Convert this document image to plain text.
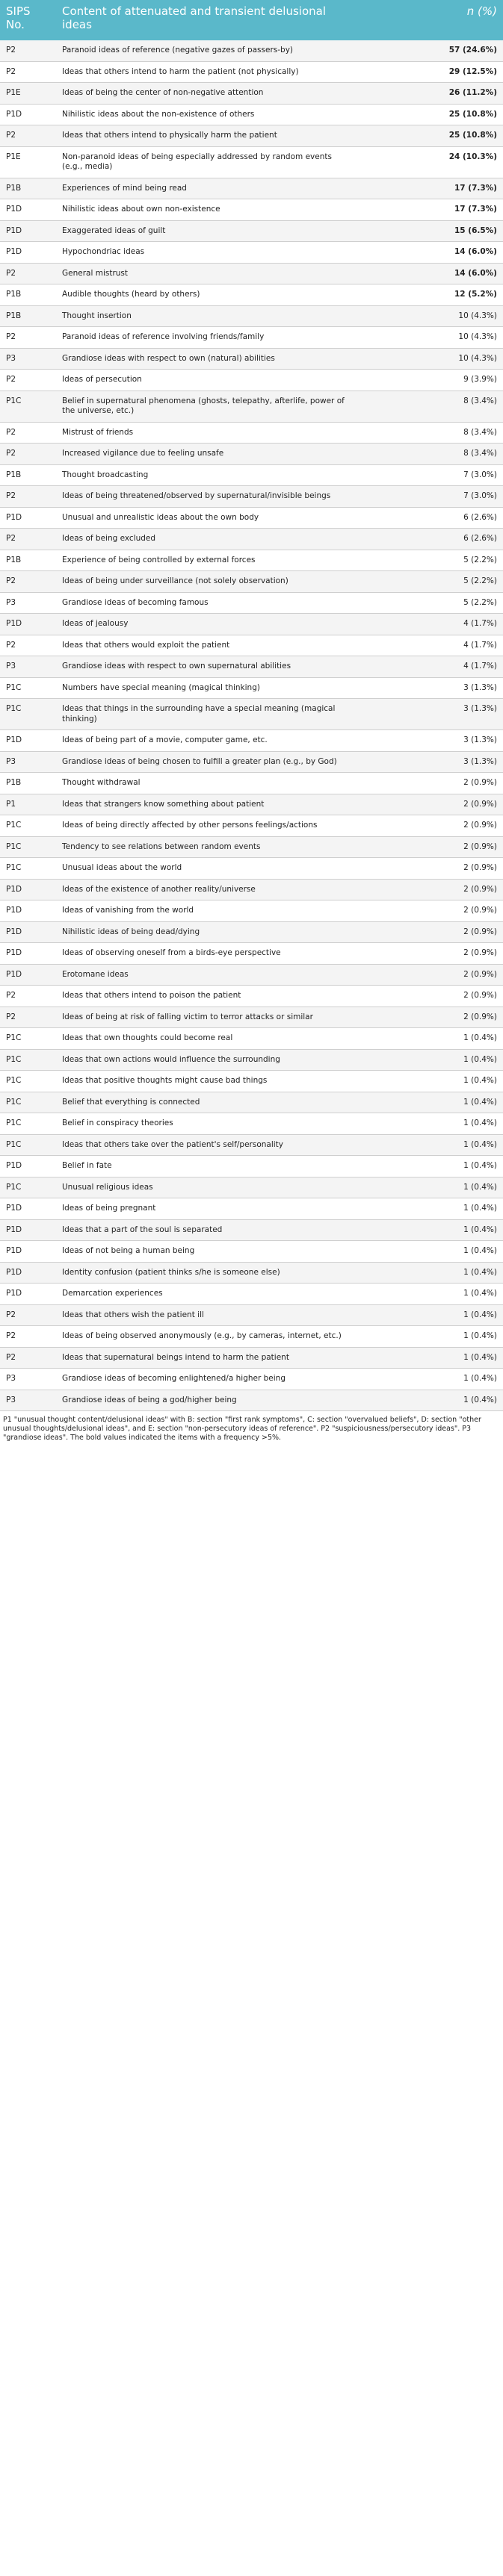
SIPS No.	Content of attenuated and transient delusional ideas	n (%)
P2	Paranoid ideas of reference (negative gazes of passers-by)	57 (24.6%)
P2	Ideas that others intend to harm the patient (not physically)	29 (12.5%)
P1E	Ideas of being the center of non-negative attention	26 (11.2%)
P1D	Nihilistic ideas about the non-existence of others	25 (10.8%)
P2	Ideas that others intend to physically harm the patient	25 (10.8%)
P1E	Non-paranoid ideas of being especially addressed by random events (e.g., media)	24 (10.3%)
P1B	Experiences of mind being read	17 (7.3%)
P1D	Nihilistic ideas about own non-existence	17 (7.3%)
P1D	Exaggerated ideas of guilt	15 (6.5%)
P1D	Hypochondriac ideas	14 (6.0%)
P2	General mistrust	14 (6.0%)
P1B	Audible thoughts (heard by others)	12 (5.2%)
P1B	Thought insertion	10 (4.3%)
P2	Paranoid ideas of reference involving friends/family	10 (4.3%)
P3	Grandiose ideas with respect to own (natural) abilities	10 (4.3%)
P2	Ideas of persecution	9 (3.9%)
P1C	Belief in supernatural phenomena (ghosts, telepathy, afterlife, power of the universe, etc.)	8 (3.4%)
P2	Mistrust of friends	8 (3.4%)
P2	Increased vigilance due to feeling unsafe	8 (3.4%)
P1B	Thought broadcasting	7 (3.0%)
P2	Ideas of being threatened/observed by supernatural/invisible beings	7 (3.0%)
P1D	Unusual and unrealistic ideas about the own body	6 (2.6%)
P2	Ideas of being excluded	6 (2.6%)
P1B	Experience of being controlled by external forces	5 (2.2%)
P2	Ideas of being under surveillance (not solely observation)	5 (2.2%)
P3	Grandiose ideas of becoming famous	5 (2.2%)
P1D	Ideas of jealousy	4 (1.7%)
P2	Ideas that others would exploit the patient	4 (1.7%)
P3	Grandiose ideas with respect to own supernatural abilities	4 (1.7%)
P1C	Numbers have special meaning (magical thinking)	3 (1.3%)
P1C	Ideas that things in the surrounding have a special meaning (magical thinking)	3 (1.3%)
P1D	Ideas of being part of a movie, computer game, etc.	3 (1.3%)
P3	Grandiose ideas of being chosen to fulfill a greater plan (e.g., by God)	3 (1.3%)
P1B	Thought withdrawal	2 (0.9%)
P1	Ideas that strangers know something about patient	2 (0.9%)
P1C	Ideas of being directly affected by other persons feelings/actions	2 (0.9%)
P1C	Tendency to see relations between random events	2 (0.9%)
P1C	Unusual ideas about the world	2 (0.9%)
P1D	Ideas of the existence of another reality/universe	2 (0.9%)
P1D	Ideas of vanishing from the world	2 (0.9%)
P1D	Nihilistic ideas of being dead/dying	2 (0.9%)
P1D	Ideas of observing oneself from a birds-eye perspective	2 (0.9%)
P1D	Erotomane ideas	2 (0.9%)
P2	Ideas that others intend to poison the patient	2 (0.9%)
P2	Ideas of being at risk of falling victim to terror attacks or similar	2 (0.9%)
P1C	Ideas that own thoughts could become real	1 (0.4%)
P1C	Ideas that own actions would influence the surrounding	1 (0.4%)
P1C	Ideas that positive thoughts might cause bad things	1 (0.4%)
P1C	Belief that everything is connected	1 (0.4%)
P1C	Belief in conspiracy theories	1 (0.4%)
P1C	Ideas that others take over the patient's self/personality	1 (0.4%)
P1D	Belief in fate	1 (0.4%)
P1C	Unusual religious ideas	1 (0.4%)
P1D	Ideas of being pregnant	1 (0.4%)
P1D	Ideas that a part of the soul is separated	1 (0.4%)
P1D	Ideas of not being a human being	1 (0.4%)
P1D	Identity confusion (patient thinks s/he is someone else)	1 (0.4%)
P1D	Demarcation experiences	1 (0.4%)
P2	Ideas that others wish the patient ill	1 (0.4%)
P2	Ideas of being observed anonymously (e.g., by cameras, internet, etc.)	1 (0.4%)
P2	Ideas that supernatural beings intend to harm the patient	1 (0.4%)
P3	Grandiose ideas of becoming enlightened/a higher being	1 (0.4%)
P3	Grandiose ideas of being a god/higher being	1 (0.4%)
P1 "unusual thought content/delusional ideas" with B: section "first rank symptoms", C: section "overvalued beliefs", D: section "other unusual thoughts/delusional ideas", and E: section "non-persecutory ideas of reference". P2 "suspiciousness/persecutory ideas". P3 "grandiose ideas". The bold values indicated the items with a frequency >5%.
